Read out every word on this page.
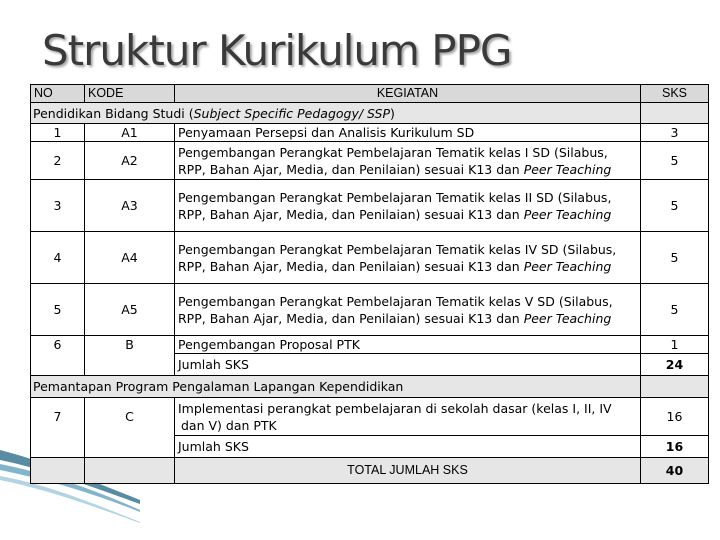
Struktur Kurikulum PPG
NO	KODE	KEGIATAN	SKS
Pendidikan Bidang Studi (Subject Specific Pedagogy/ SSP)			
1	A1	Penyamaan Persepsi dan Analisis Kurikulum SD	3
2	A2	Pengembangan Perangkat Pembelajaran Tematik kelas I SD (Silabus,
RPP, Bahan Ajar, Media, dan Penilaian) sesuai K13 dan Peer Teaching	5
3	A3	Pengembangan Perangkat Pembelajaran Tematik kelas II SD (Silabus,
RPP, Bahan Ajar, Media, dan Penilaian) sesuai K13 dan Peer Teaching	5
4	A4	Pengembangan Perangkat Pembelajaran Tematik kelas IV SD (Silabus,
RPP, Bahan Ajar, Media, dan Penilaian) sesuai K13 dan Peer Teaching	5
5	A5	Pengembangan Perangkat Pembelajaran Tematik kelas V SD (Silabus,
RPP, Bahan Ajar, Media, dan Penilaian) sesuai K13 dan Peer Teaching	5
6	B	Pengembangan Proposal PTK	1
		Jumlah SKS	24
Pemantapan Program Pengalaman Lapangan Kependidikan			
7	C	Implementasi perangkat pembelajaran di sekolah dasar (kelas I, II, IV
dan V) dan PTK	16
		Jumlah SKS	16
		TOTAL JUMLAH SKS	40
